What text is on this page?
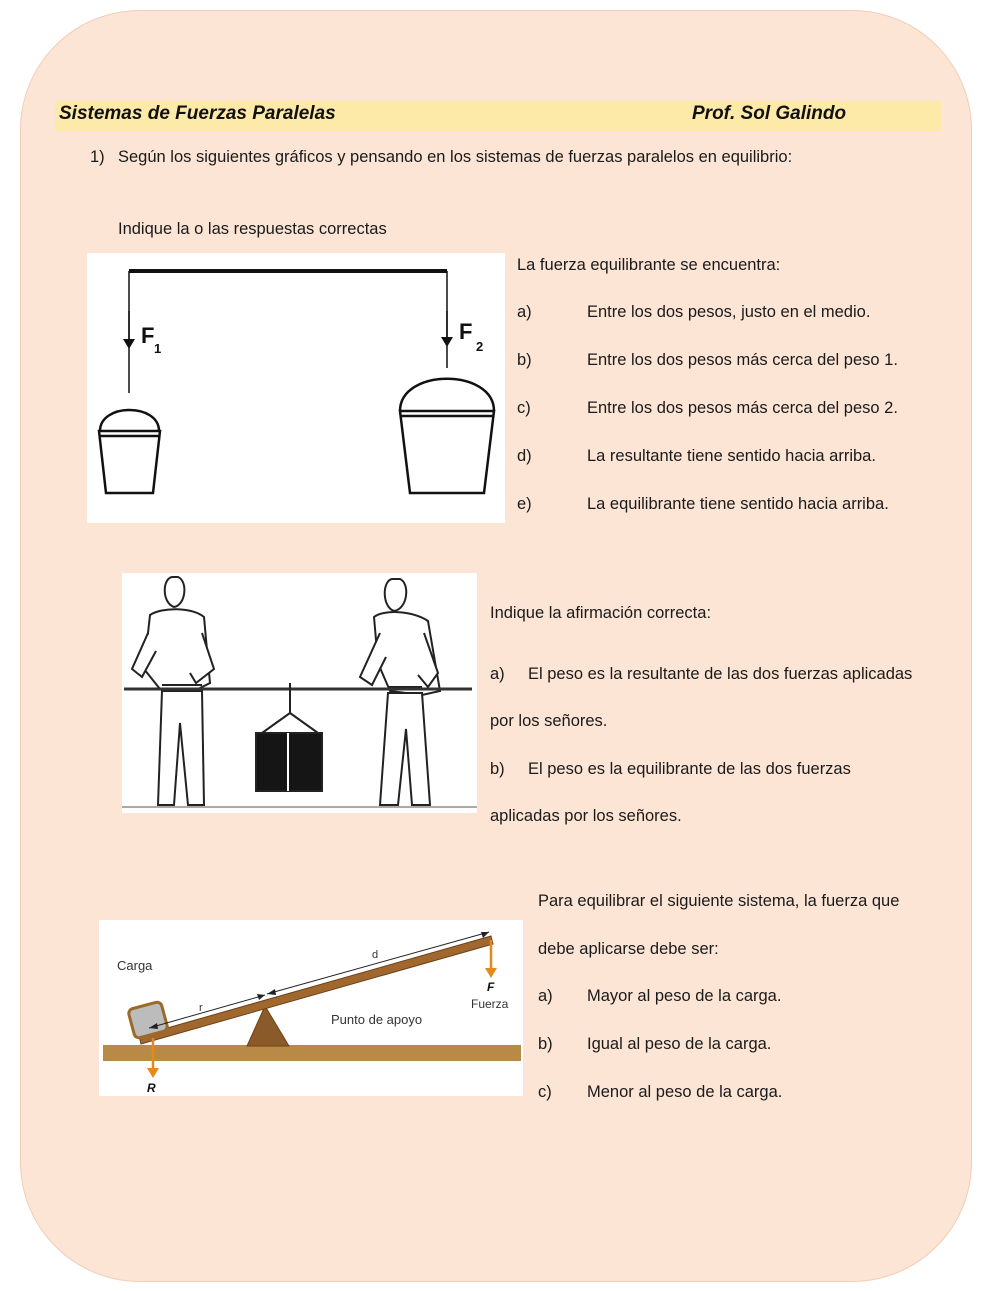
Sistemas de Fuerzas Paralelas	Prof. Sol Galindo
1) Según los siguientes gráficos y pensando en los sistemas de fuerzas paralelos en equilibrio:
Indique la o las respuestas correctas
F
1
F
2
La fuerza equilibrante se encuentra:
a)	Entre los dos pesos, justo en el medio.
b)	Entre los dos pesos más cerca del peso 1.
c)	Entre los dos pesos más cerca del peso 2.
d)	La resultante tiene sentido hacia arriba.
e)	La equilibrante tiene sentido hacia arriba.
Indique la afirmación correcta:
a) El peso es la resultante de las dos fuerzas aplicadas
por los señores.
b) El peso es la equilibrante de las dos fuerzas
aplicadas por los señores.
Carga
Punto de apoyo
F
Fuerza
R
r
d
Para equilibrar el siguiente sistema, la fuerza que
debe aplicarse debe ser:
a) Mayor al peso de la carga.
b) Igual al peso de la carga.
c) Menor al peso de la carga.
